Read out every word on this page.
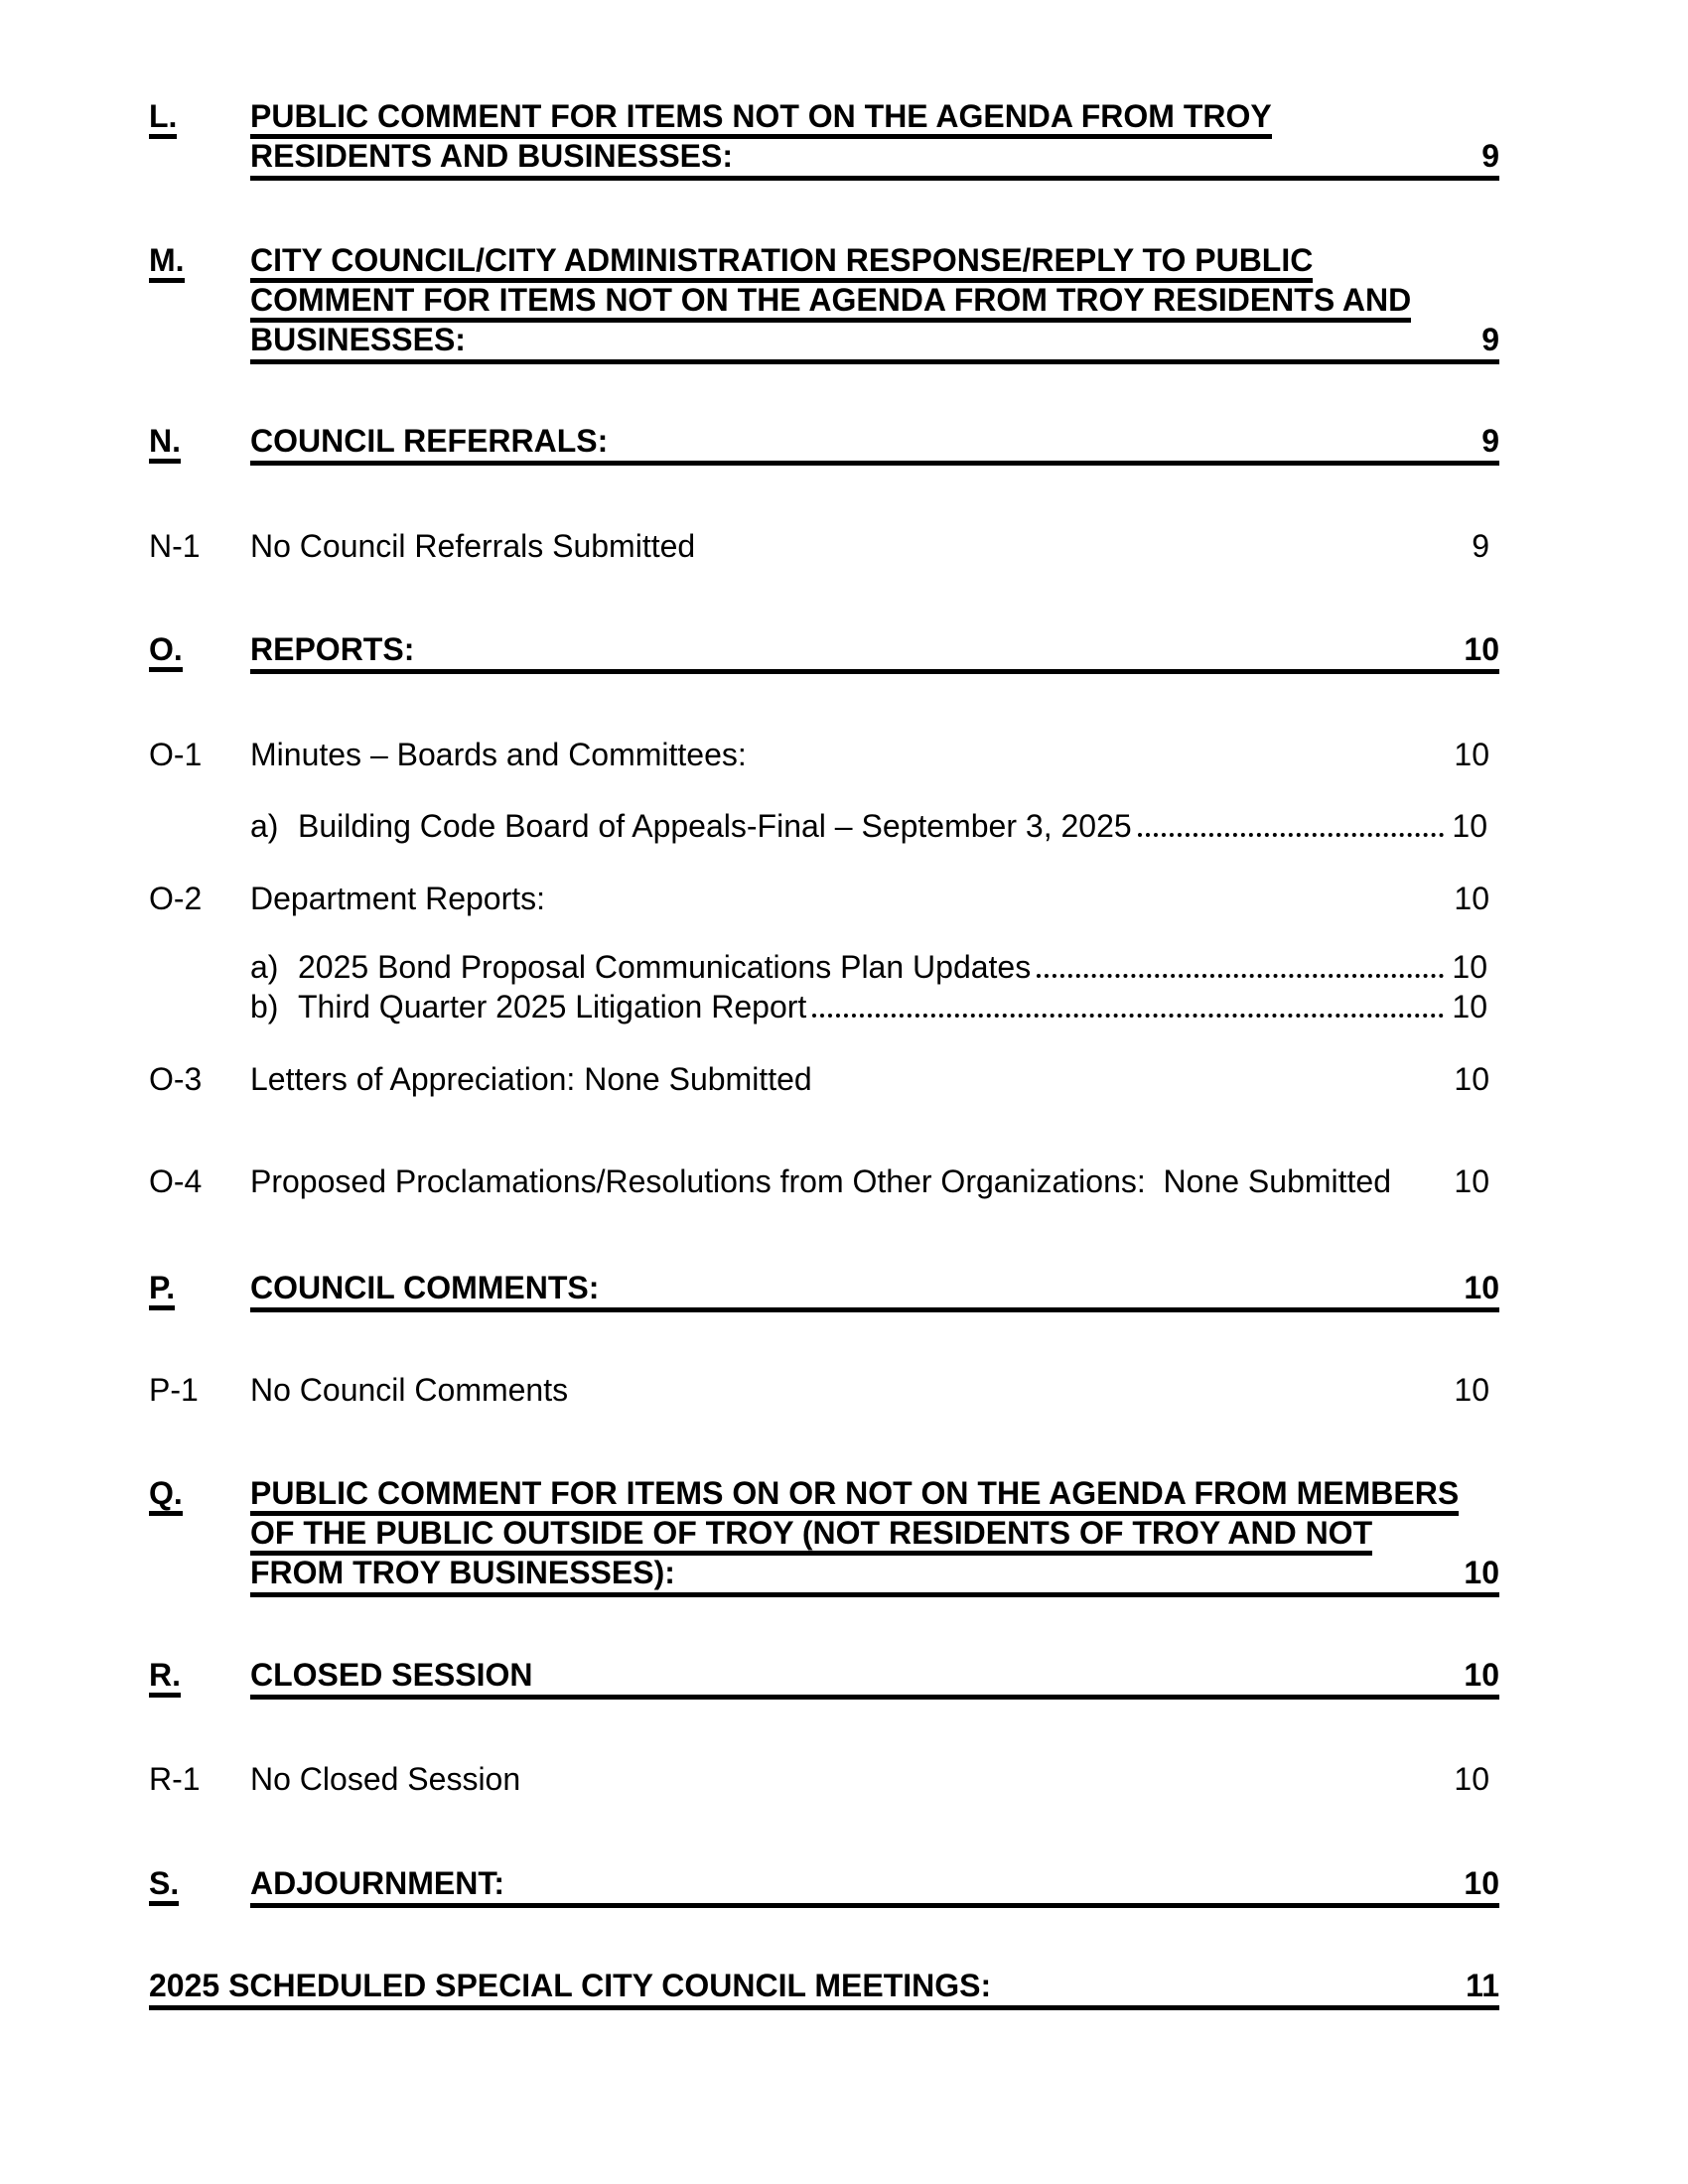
L.	PUBLIC COMMENT FOR ITEMS NOT ON THE AGENDA FROM TROY
RESIDENTS AND BUSINESSES:	9
M.	CITY COUNCIL/CITY ADMINISTRATION RESPONSE/REPLY TO PUBLIC
COMMENT FOR ITEMS NOT ON THE AGENDA FROM TROY RESIDENTS AND
BUSINESSES:	9
N.	COUNCIL REFERRALS:	9
N-1	No Council Referrals Submitted	9
O.	REPORTS:	10
O-1	Minutes – Boards and Committees:	10
a) Building Code Board of Appeals-Final – September 3, 2025	10
O-2	Department Reports:	10
a) 2025 Bond Proposal Communications Plan Updates	10
b) Third Quarter 2025 Litigation Report	10
O-3	Letters of Appreciation: None Submitted	10
O-4	Proposed Proclamations/Resolutions from Other Organizations:  None Submitted 10
P.	COUNCIL COMMENTS:	10
P-1	No Council Comments	10
Q.	PUBLIC COMMENT FOR ITEMS ON OR NOT ON THE AGENDA FROM MEMBERS
OF THE PUBLIC OUTSIDE OF TROY (NOT RESIDENTS OF TROY AND NOT
FROM TROY BUSINESSES):	10
R.	CLOSED SESSION	10
R-1	No Closed Session	10
S.	ADJOURNMENT:	10
2025 SCHEDULED SPECIAL CITY COUNCIL MEETINGS:	11
